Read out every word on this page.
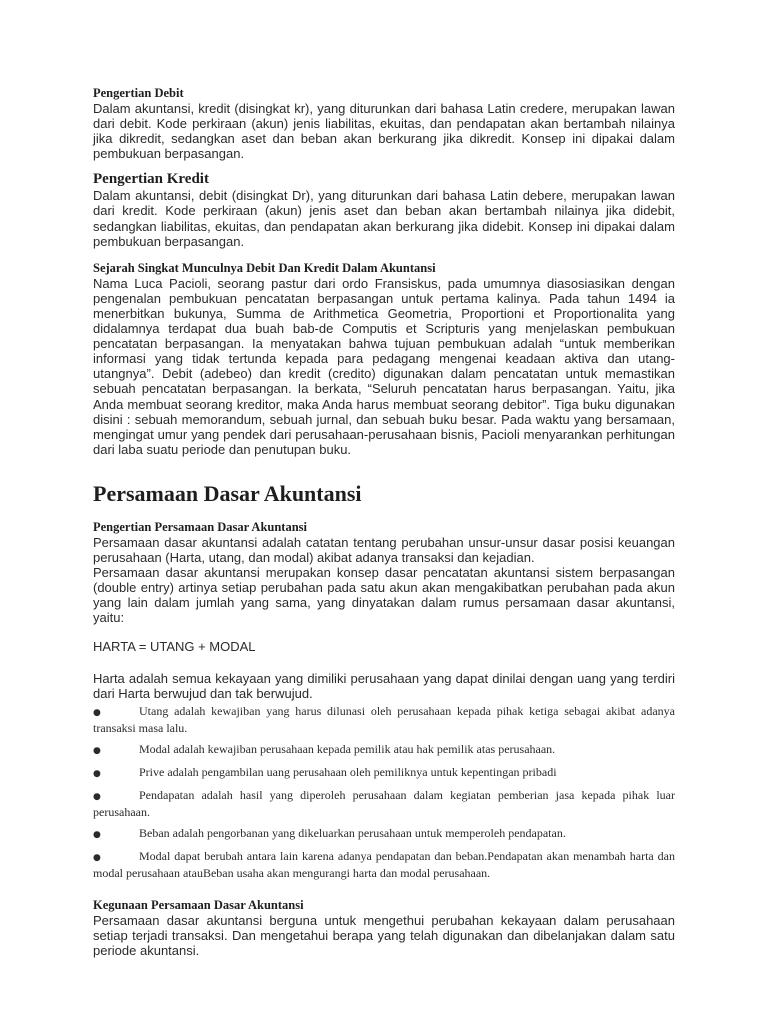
Pengertian Debit

Dalam akuntansi, kredit (disingkat kr), yang diturunkan dari bahasa Latin credere, merupakan lawan dari debit. Kode perkiraan (akun) jenis liabilitas, ekuitas, dan pendapatan akan bertambah nilainya jika dikredit, sedangkan aset dan beban akan berkurang jika dikredit. Konsep ini dipakai dalam pembukuan berpasangan.

Pengertian Kredit

Dalam akuntansi, debit (disingkat Dr), yang diturunkan dari bahasa Latin debere, merupakan lawan dari kredit. Kode perkiraan (akun) jenis aset dan beban akan bertambah nilainya jika didebit, sedangkan liabilitas, ekuitas, dan pendapatan akan berkurang jika didebit. Konsep ini dipakai dalam pembukuan berpasangan.

Sejarah Singkat Munculnya Debit Dan Kredit Dalam Akuntansi

Nama Luca Pacioli, seorang pastur dari ordo Fransiskus, pada umumnya diasosiasikan dengan pengenalan pembukuan pencatatan berpasangan untuk pertama kalinya. Pada tahun 1494 ia menerbitkan bukunya, Summa de Arithmetica Geometria, Proportioni et Proportionalita yang didalamnya terdapat dua buah bab-de Computis et Scripturis yang menjelaskan pembukuan pencatatan berpasangan. Ia menyatakan bahwa tujuan pembukuan adalah “untuk memberikan informasi yang tidak tertunda kepada para pedagang mengenai keadaan aktiva dan utang-utangnya”. Debit (adebeo) dan kredit (credito) digunakan dalam pencatatan untuk memastikan sebuah pencatatan berpasangan. Ia berkata, “Seluruh pencatatan harus berpasangan. Yaitu, jika Anda membuat seorang kreditor, maka Anda harus membuat seorang debitor”. Tiga buku digunakan disini : sebuah memorandum, sebuah jurnal, dan sebuah buku besar. Pada waktu yang bersamaan, mengingat umur yang pendek dari perusahaan-perusahaan bisnis, Pacioli menyarankan perhitungan dari laba suatu periode dan penutupan buku.

Persamaan Dasar Akuntansi
Pengertian Persamaan Dasar Akuntansi

Persamaan dasar akuntansi adalah catatan tentang perubahan unsur-unsur dasar posisi keuangan perusahaan (Harta, utang, dan modal) akibat adanya transaksi dan kejadian.

Persamaan dasar akuntansi merupakan konsep dasar pencatatan akuntansi sistem berpasangan (double entry) artinya setiap perubahan pada satu akun akan mengakibatkan perubahan pada akun yang lain dalam jumlah yang sama, yang dinyatakan dalam rumus persamaan dasar akuntansi, yaitu:

HARTA = UTANG + MODAL

Harta adalah semua kekayaan yang dimiliki perusahaan yang dapat dinilai dengan uang yang terdiri dari Harta berwujud dan tak berwujud.

●	Utang adalah kewajiban yang harus dilunasi oleh perusahaan kepada pihak ketiga sebagai akibat adanya transaksi masa lalu.
●	Modal adalah kewajiban perusahaan kepada pemilik atau hak pemilik atas perusahaan.
●	Prive adalah pengambilan uang perusahaan oleh pemiliknya untuk kepentingan pribadi
●	Pendapatan adalah hasil yang diperoleh perusahaan dalam kegiatan pemberian jasa kepada pihak luar perusahaan.
●	Beban adalah pengorbanan yang dikeluarkan perusahaan untuk memperoleh pendapatan.
●	Modal dapat berubah antara lain karena adanya pendapatan dan beban.Pendapatan akan menambah harta dan modal perusahaan atauBeban usaha akan mengurangi harta dan modal perusahaan.
Kegunaan Persamaan Dasar Akuntansi

Persamaan dasar akuntansi berguna untuk mengethui perubahan kekayaan dalam perusahaan setiap terjadi transaksi. Dan mengetahui berapa yang telah digunakan dan dibelanjakan dalam satu periode akuntansi.
